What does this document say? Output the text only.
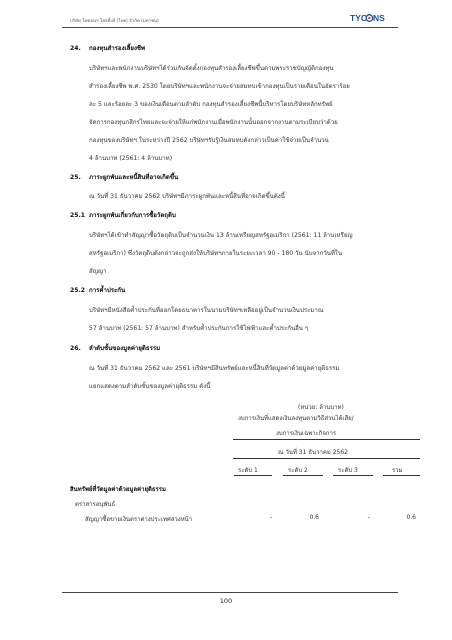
บริษัท ไทคอนฯ โฮลดิ้งส์ (ไทย) จำกัด (มหาชน)	TYC NS
24. กองทุนสำรองเลี้ยงชีพ
บริษัทฯและพนักงานบริษัทฯได้ร่วมกันจัดตั้งกองทุนสำรองเลี้ยงชีพขึ้นตามพระราชบัญญัติกองทุน
สำรองเลี้ยงชีพ พ.ศ. 2530 โดยบริษัทฯและพนักงานจะจ่ายสมทบเข้ากองทุนเป็นรายเดือนในอัตราร้อย
ละ 5 และร้อยละ 3 ของเงินเดือนตามลำดับ กองทุนสำรองเลี้ยงชีพนี้บริหารโดยบริษัทหลักทรัพย์
จัดการกองทุนกสิกรไทยและจะจ่ายให้แก่พนักงานเมื่อพนักงานนั้นออกจากงานตามระเบียบว่าด้วย
กองทุนของบริษัทฯ ในระหว่างปี 2562 บริษัทฯรับรู้เงินสมทบดังกล่าวเป็นค่าใช้จ่ายเป็นจำนวน
4 ล้านบาท (2561: 4 ล้านบาท)
25. ภาระผูกพันและหนี้สินที่อาจเกิดขึ้น
ณ วันที่ 31 ธันวาคม 2562 บริษัทฯมีภาระผูกพันและหนี้สินที่อาจเกิดขึ้นดังนี้
25.1 ภาระผูกพันเกี่ยวกับการซื้อวัตถุดิบ
บริษัทฯได้เข้าทำสัญญาซื้อวัตถุดิบเป็นจำนวนเงิน 13 ล้านเหรียญสหรัฐอเมริกา (2561: 11 ล้านเหรียญ
สหรัฐอเมริกา) ซึ่งวัตถุดิบดังกล่าวจะถูกส่งให้บริษัทฯภายในระยะเวลา 90 - 180 วัน นับจากวันที่ใน
สัญญา
25.2 การค้ำประกัน
บริษัทฯมีหนังสือค้ำประกันที่ออกโดยธนาคารในนามบริษัทฯเหลืออยู่เป็นจำนวนเงินประมาณ
57 ล้านบาท (2561: 57 ล้านบาท) สำหรับค้ำประกันการใช้ไฟฟ้าและค้ำประกันอื่น ๆ
26. ลำดับชั้นของมูลค่ายุติธรรม
ณ วันที่ 31 ธันวาคม 2562 และ 2561 บริษัทฯมีสินทรัพย์และหนี้สินที่วัดมูลค่าด้วยมูลค่ายุติธรรม
แยกแสดงตามลำดับชั้นของมูลค่ายุติธรรม ดังนี้
(หน่วย: ล้านบาท)
งบการเงินที่แสดงเงินลงทุนตามวิธีส่วนได้เสีย/
งบการเงินเฉพาะกิจการ
ณ วันที่ 31 ธันวาคม 2562
ระดับ 1	ระดับ 2	ระดับ 3	รวม
สินทรัพย์ที่วัดมูลค่าด้วยมูลค่ายุติธรรม
ตราสารอนุพันธ์
สัญญาซื้อขายเงินตราต่างประเทศล่วงหน้า	-	0.6	-	0.6
100
